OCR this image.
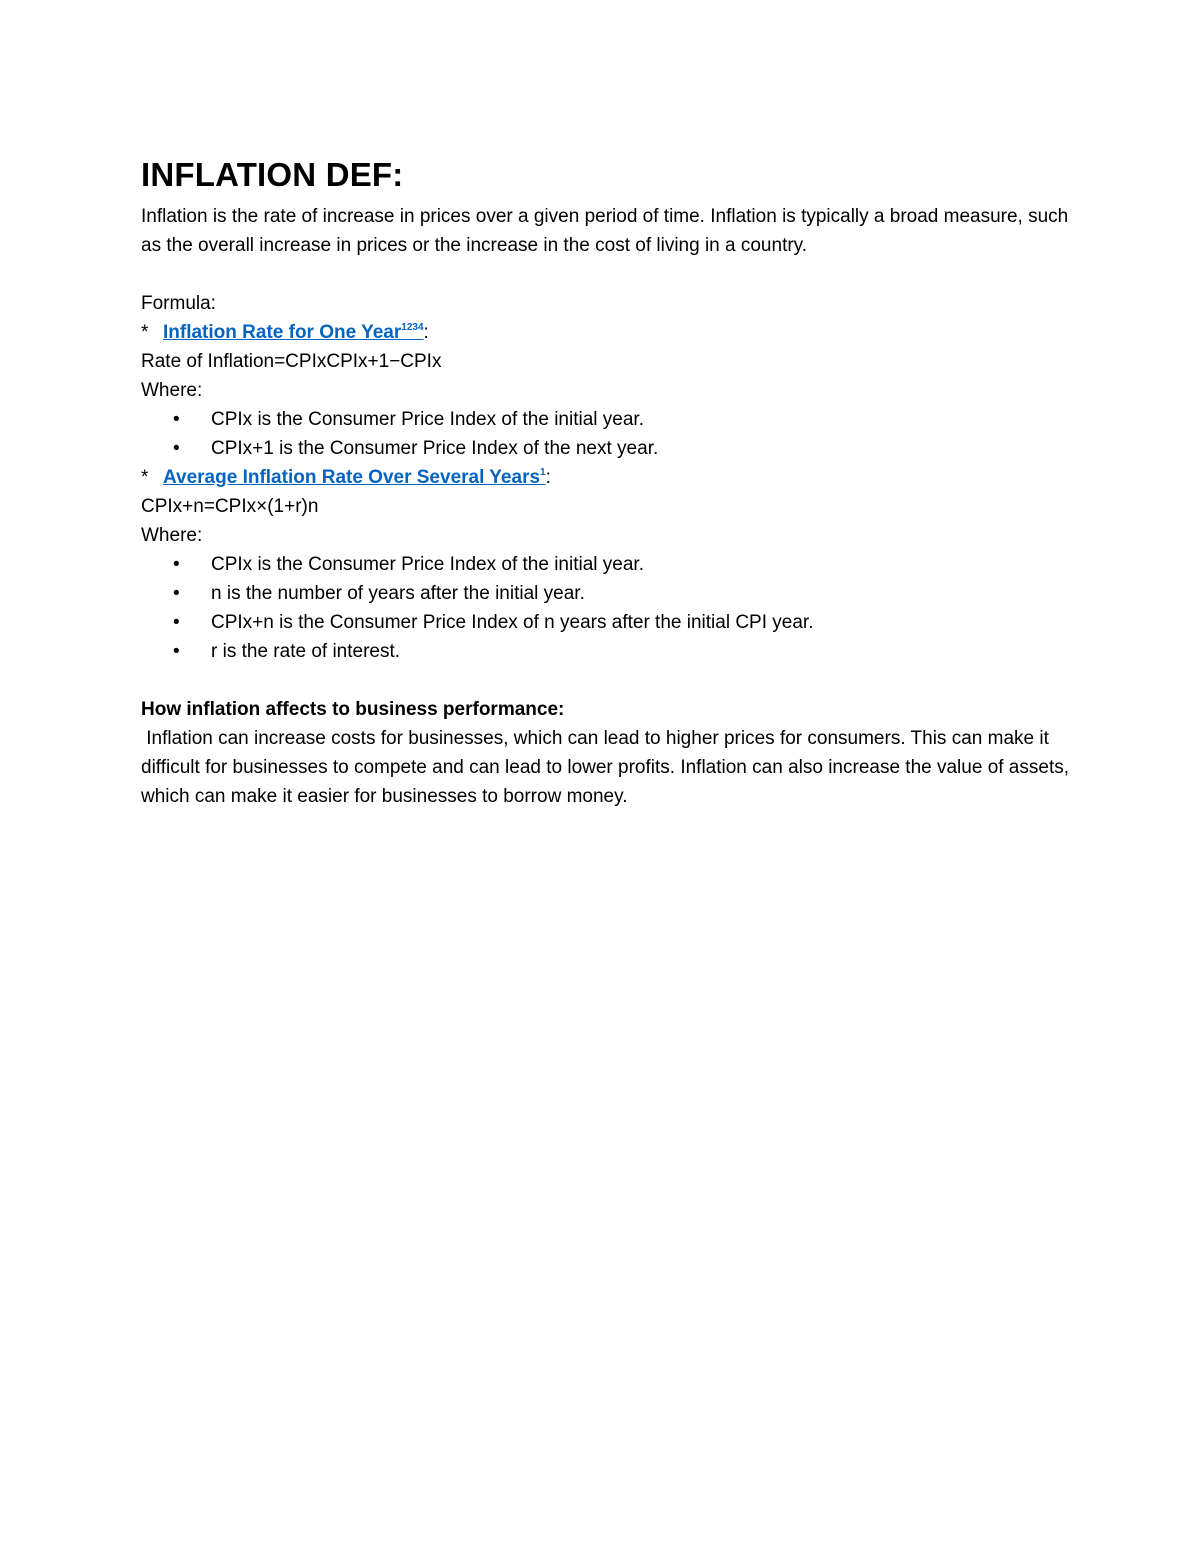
INFLATION DEF:

Inflation is the rate of increase in prices over a given period of time. Inflation is typically a broad measure, such as the overall increase in prices or the increase in the cost of living in a country.

Formula:

* Inflation Rate for One Year$^{1234}$:

Rate of Inflation=CPIxCPIx+1−CPIx

Where:

• CPIx is the Consumer Price Index of the initial year.
• CPIx+1 is the Consumer Price Index of the next year.

* Average Inflation Rate Over Several Years$^1$:

CPIx+n=CPIx×(1+r)n

Where:

• CPIx is the Consumer Price Index of the initial year.
• n is the number of years after the initial year.
• CPIx+n is the Consumer Price Index of n years after the initial CPI year.
• r is the rate of interest.

How inflation affects to business performance:

Inflation can increase costs for businesses, which can lead to higher prices for consumers. This can make it difficult for businesses to compete and can lead to lower profits. Inflation can also increase the value of assets, which can make it easier for businesses to borrow money.
